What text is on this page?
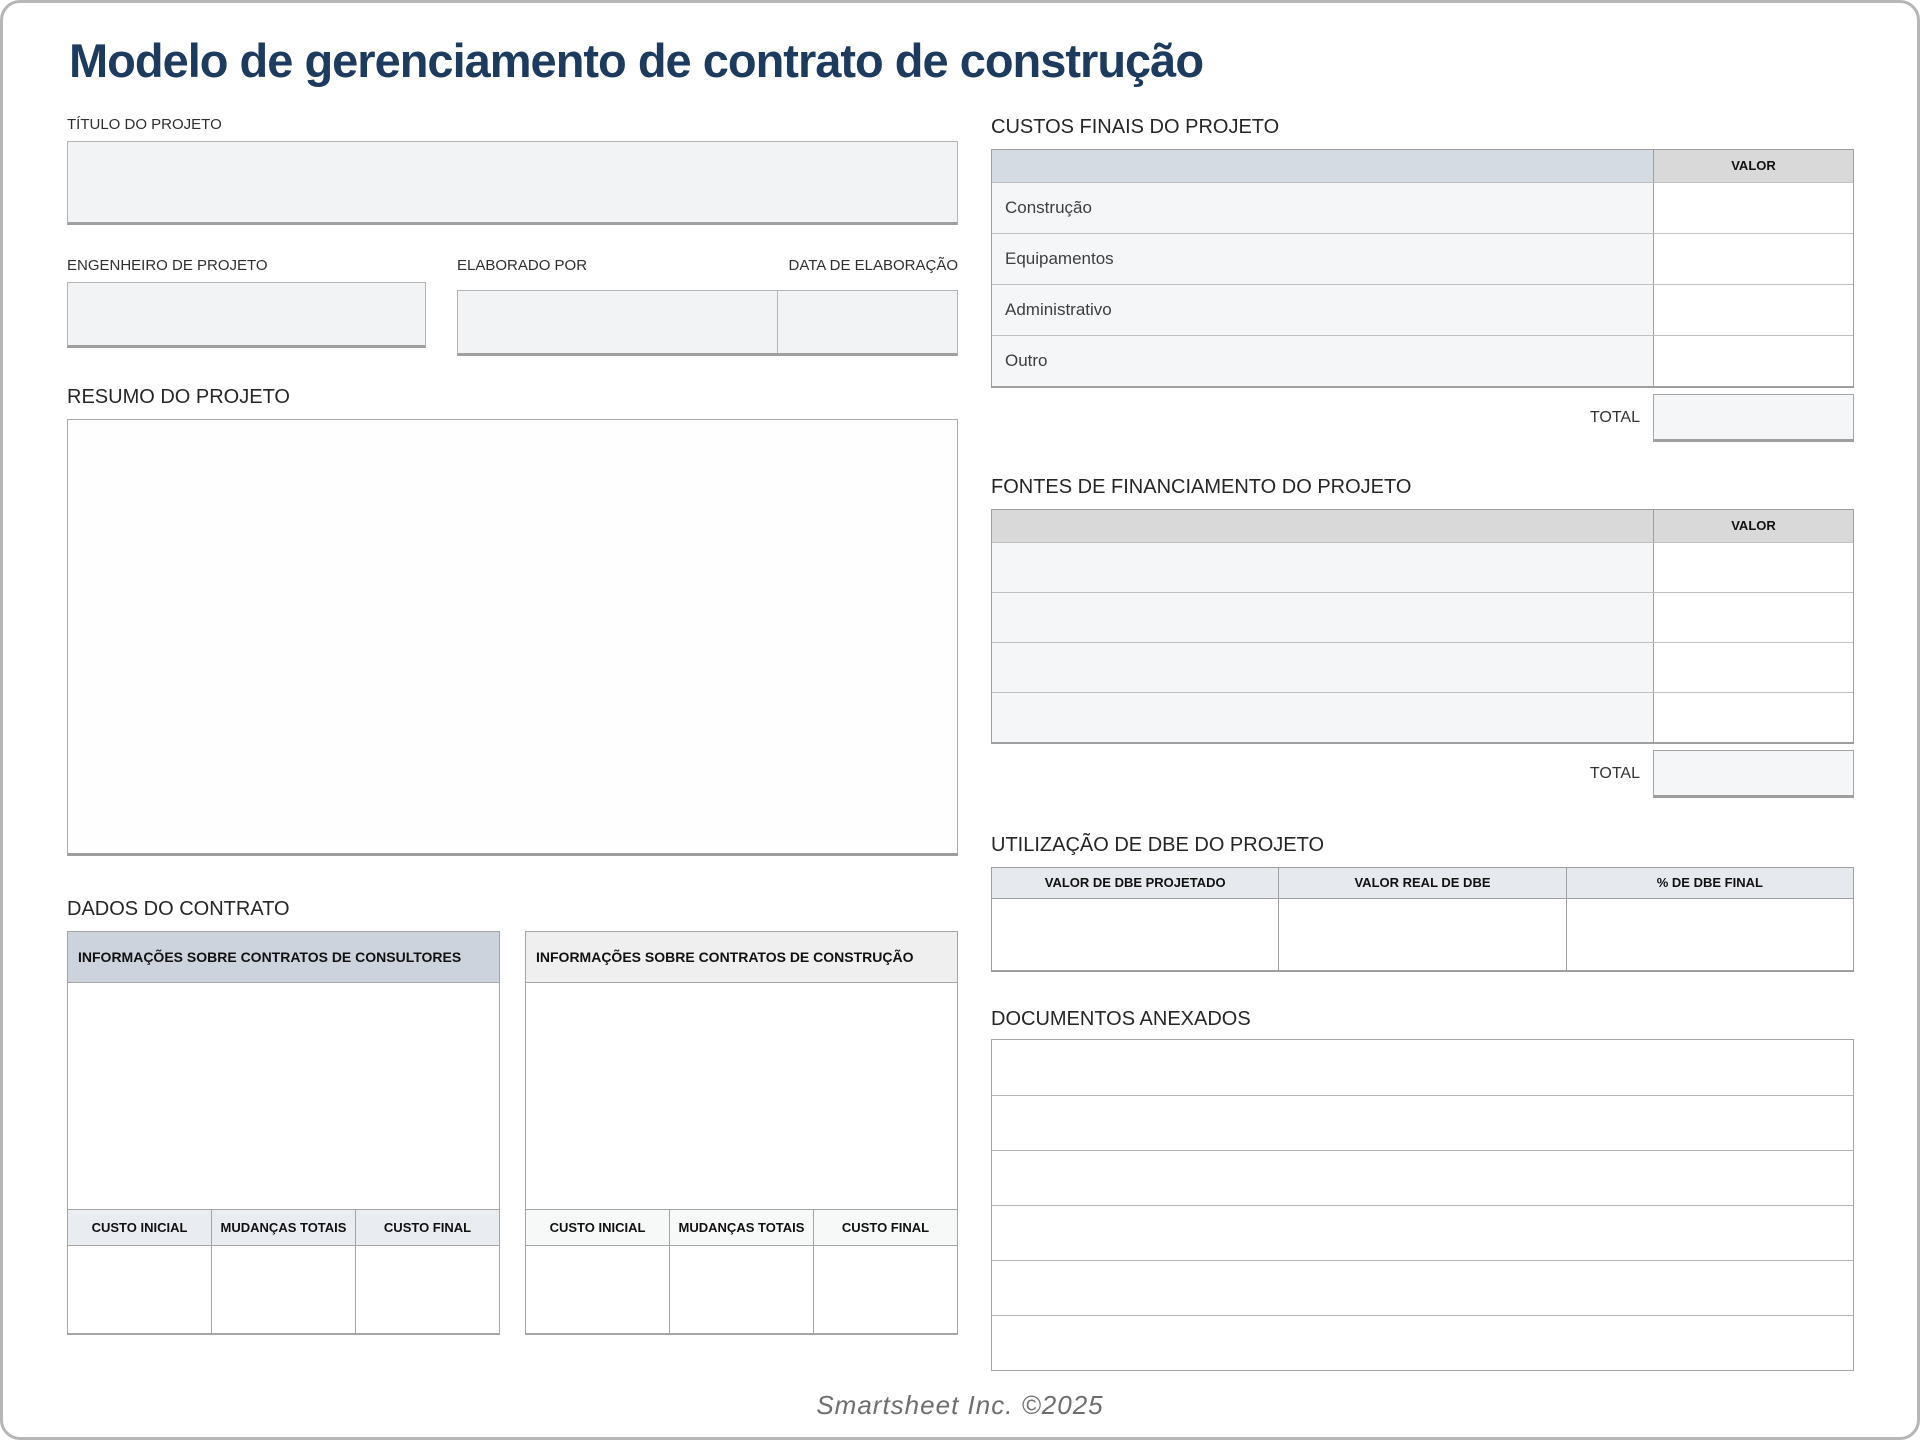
Modelo de gerenciamento de contrato de construção
TÍTULO DO PROJETO
ENGENHEIRO DE PROJETO	ELABORADO POR	DATA DE ELABORAÇÃO
RESUMO DO PROJETO
DADOS DO CONTRATO
INFORMAÇÕES SOBRE CONTRATOS DE CONSULTORES
CUSTO INICIAL	MUDANÇAS TOTAIS	CUSTO FINAL
INFORMAÇÕES SOBRE CONTRATOS DE CONSTRUÇÃO
CUSTO INICIAL	MUDANÇAS TOTAIS	CUSTO FINAL
CUSTOS FINAIS DO PROJETO
VALOR
Construção
Equipamentos
Administrativo
Outro
TOTAL
FONTES DE FINANCIAMENTO DO PROJETO
VALOR
TOTAL
UTILIZAÇÃO DE DBE DO PROJETO
VALOR DE DBE PROJETADO	VALOR REAL DE DBE	% DE DBE FINAL
DOCUMENTOS ANEXADOS
Smartsheet Inc. ©2025
